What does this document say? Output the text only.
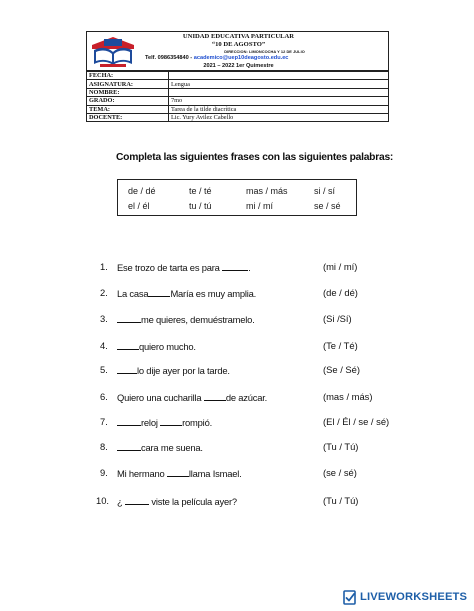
UNIDAD EDUCATIVA PARTICULAR
“10 DE AGOSTO”
DIRECCION: LIMONCOCHA Y 12 DE JULIO
Telf. 0986354840 - academico@uep10deagosto.edu.ec
2021 – 2022 1er Quimestre
FECHA:	
ASIGNATURA:	Lengua
NOMBRE:	
GRADO:	7mo
TEMA:	Tarea de la tilde diacrítica
DOCENTE:	Lic. Yury Avilez Cabello
Completa las siguientes frases con las siguientes palabras:
de / dé	te / té	mas / más	si / sí
el / él	tu / tú	mi / mí	se / sé
1. Ese trozo de tarta es para	.	(mi / mí)
2. La casa María es muy amplia.	(de / dé)
3.	me quieres, demuéstramelo.	(Si /Sí)
4.	quiero mucho.	(Te / Té)
5.	lo dije ayer por la tarde.	(Se / Sé)
6. Quiero una cucharilla	de azúcar.	(mas / más)
7.	reloj	rompió.	(El / Él / se / sé)
8.	cara me suena.	(Tu / Tú)
9. Mi hermano	llama Ismael.	(se / sé)
10. ¿	viste la película ayer?	(Tu / Tú)
LIVEWORKSHEETS
